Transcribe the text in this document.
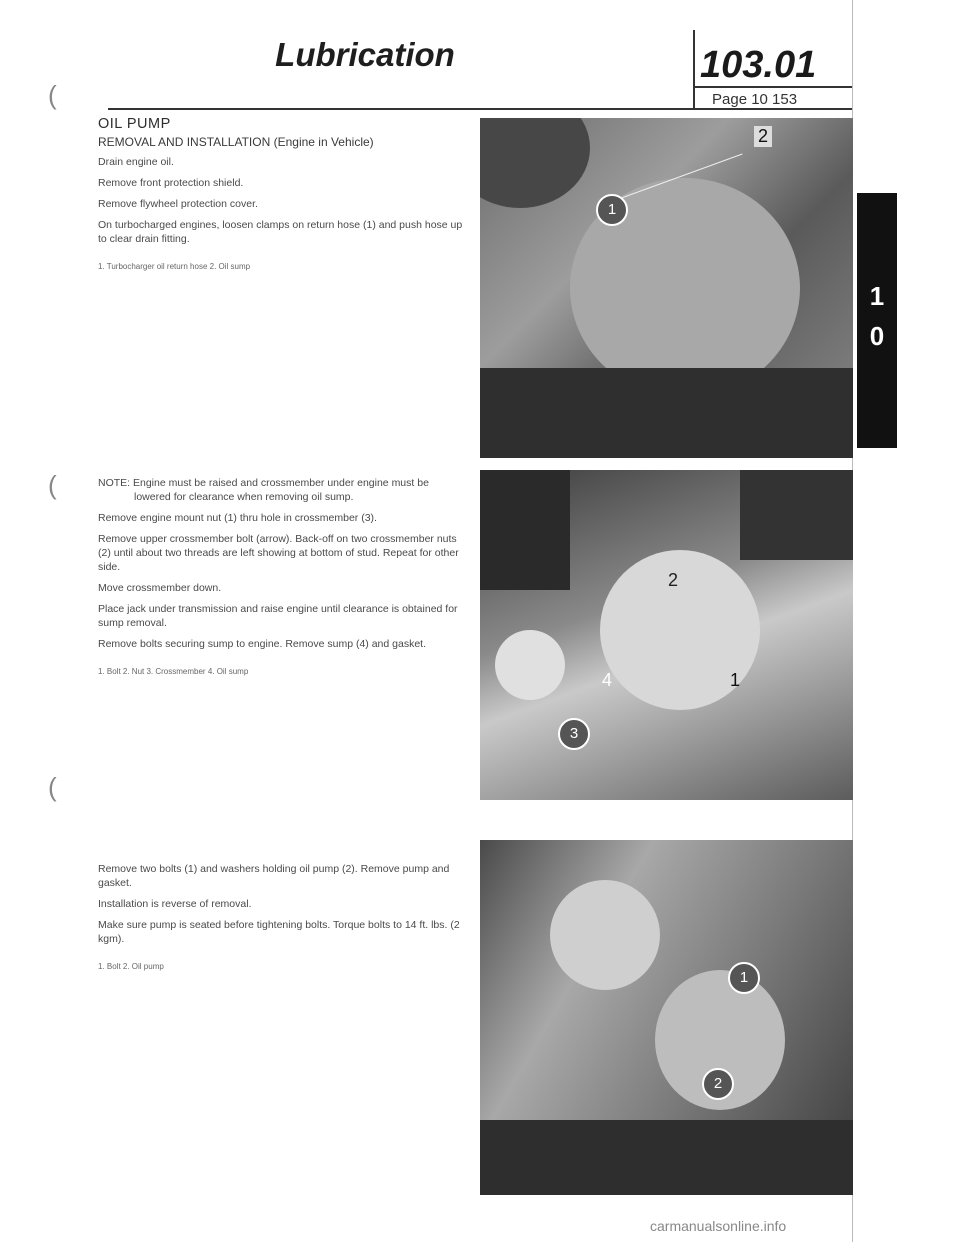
Lubrication	103.01
Page 10 153
(
(
(
1
0

OIL PUMP

REMOVAL AND INSTALLATION (Engine in Vehicle)

Drain engine oil.

Remove front protection shield.

Remove flywheel protection cover.

On turbocharged engines, loosen clamps on return hose (1) and push hose up to clear drain fitting.

1. Turbocharger oil return hose 2. Oil sump

1
2

NOTE: Engine must be raised and crossmember under engine must be lowered for clearance when removing oil sump.

Remove engine mount nut (1) thru hole in crossmember (3).

Remove upper crossmember bolt (arrow). Back-off on two crossmember nuts (2) until about two threads are left showing at bottom of stud. Repeat for other side.

Move crossmember down.

Place jack under transmission and raise engine until clearance is obtained for sump removal.

Remove bolts securing sump to engine. Remove sump (4) and gasket.

1. Bolt 2. Nut 3. Crossmember 4. Oil sump

2
1
4
3

Remove two bolts (1) and washers holding oil pump (2). Remove pump and gasket.

Installation is reverse of removal.

Make sure pump is seated before tightening bolts. Torque bolts to 14 ft. lbs. (2 kgm).

1. Bolt 2. Oil pump

1
2
carmanualsonline.info
